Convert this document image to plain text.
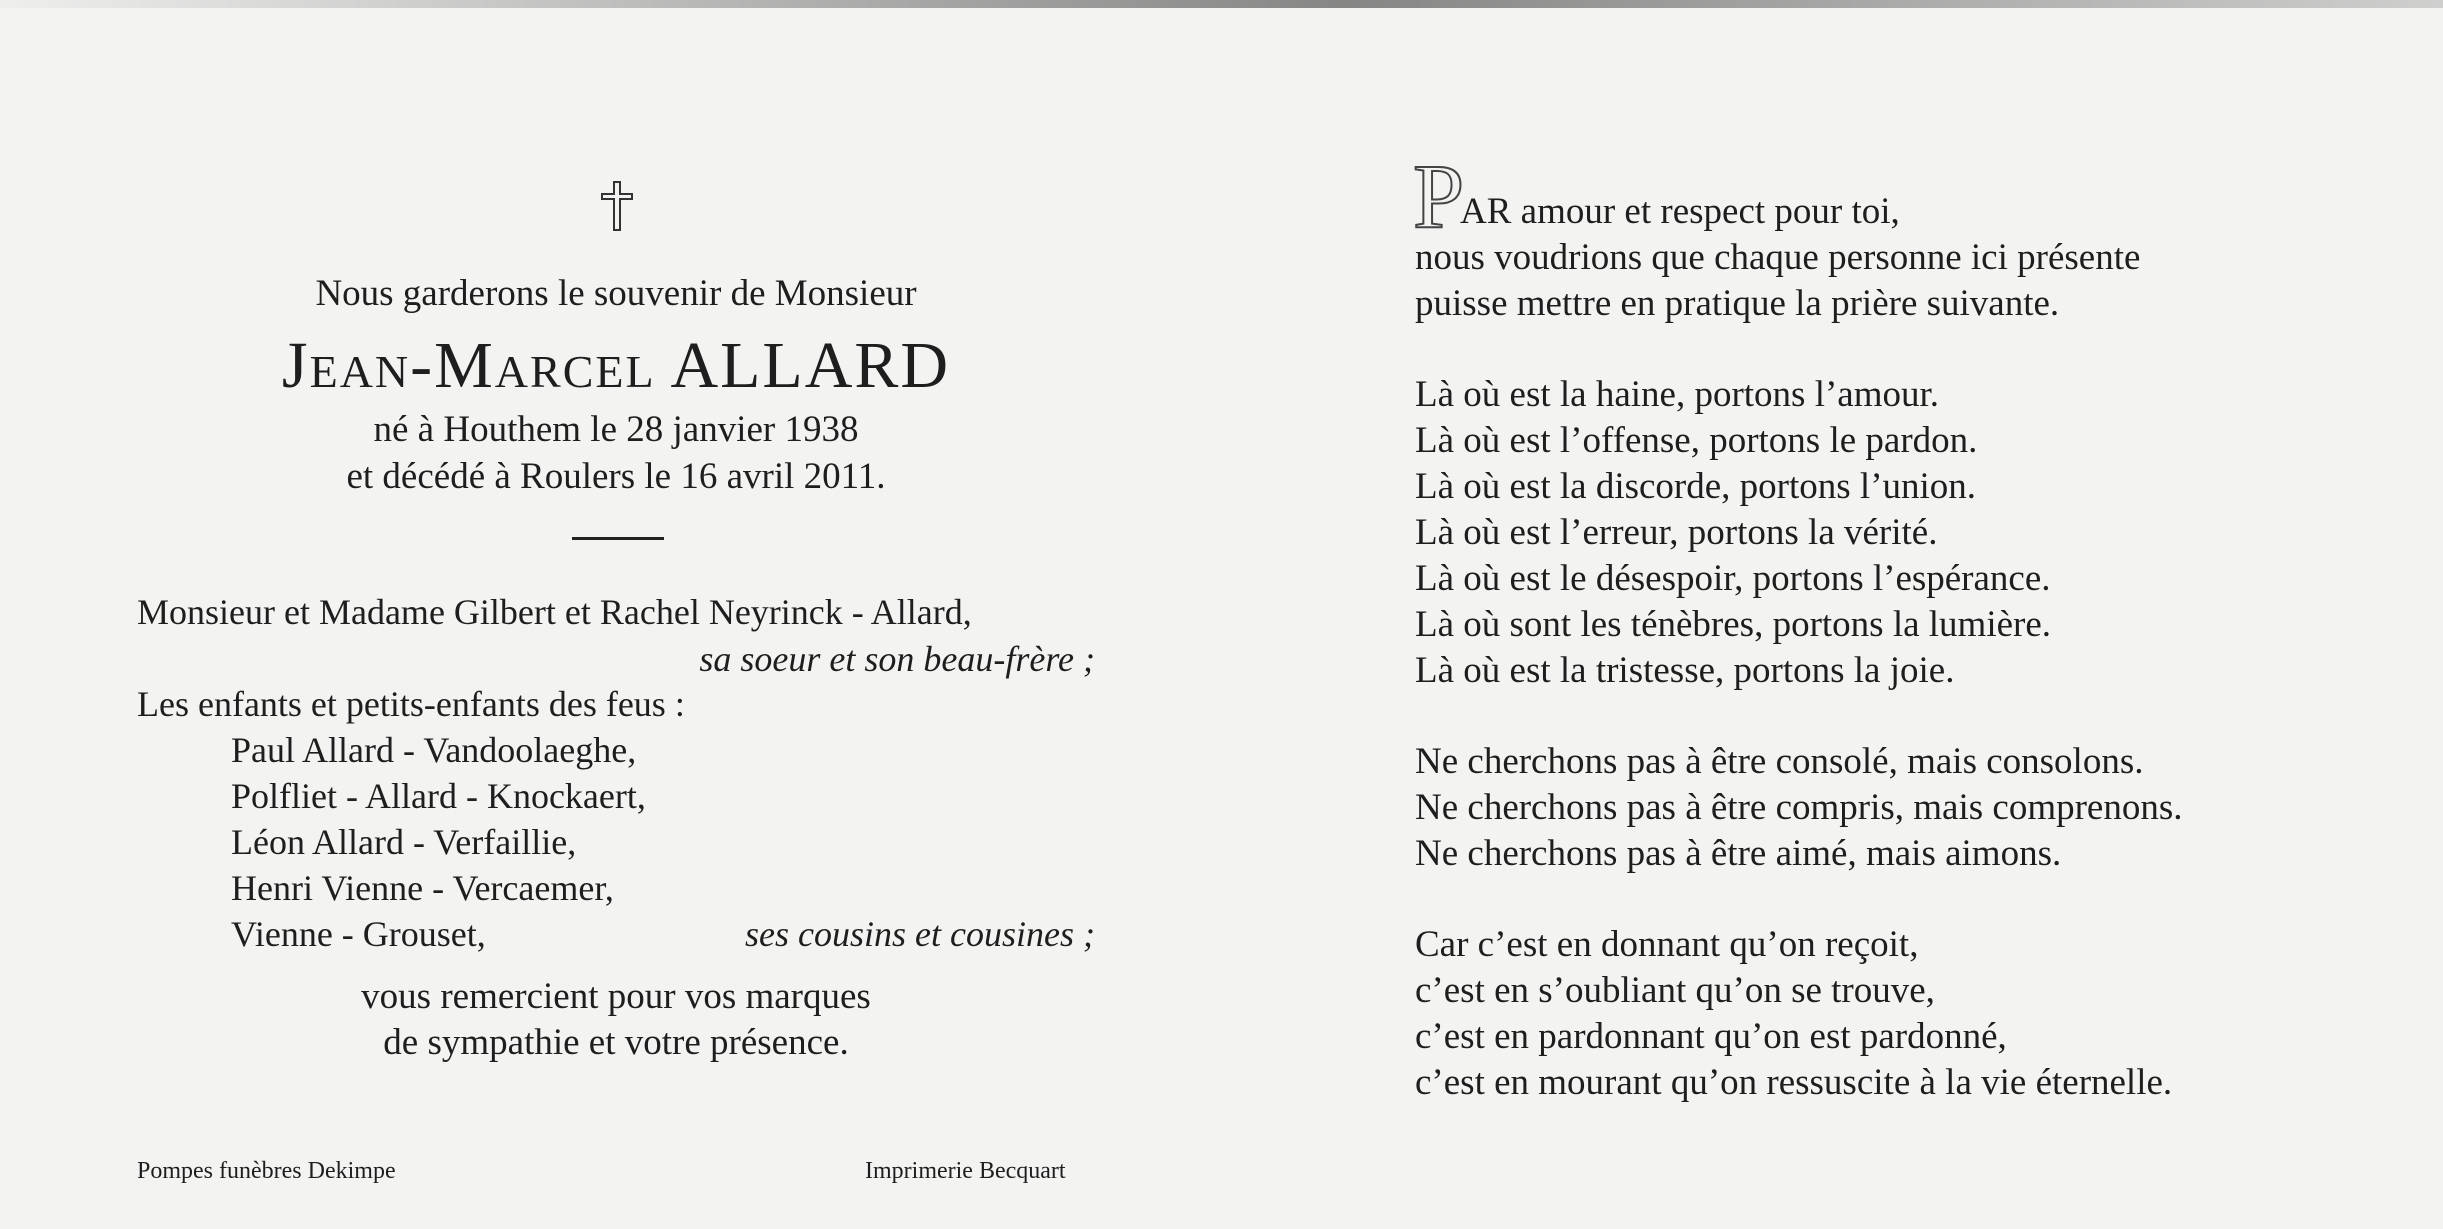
Nous garderons le souvenir de Monsieur
Jean-Marcel ALLARD
né à Houthem le 28 janvier 1938
et décédé à Roulers le 16 avril 2011.
Monsieur et Madame Gilbert et Rachel Neyrinck - Allard,
sa soeur et son beau-frère ;
Les enfants et petits-enfants des feus :
Paul Allard - Vandoolaeghe,
Polfliet - Allard - Knockaert,
Léon Allard - Verfaillie,
Henri Vienne - Vercaemer,
Vienne - Grouset,	ses cousins et cousines ;
vous remercient pour vos marques
de sympathie et votre présence.
Pompes funèbres Dekimpe	Imprimerie Becquart
P
AR amour et respect pour toi,
nous voudrions que chaque personne ici présente
puisse mettre en pratique la prière suivante.
Là où est la haine, portons l’amour.
Là où est l’offense, portons le pardon.
Là où est la discorde, portons l’union.
Là où est l’erreur, portons la vérité.
Là où est le désespoir, portons l’espérance.
Là où sont les ténèbres, portons la lumière.
Là où est la tristesse, portons la joie.
Ne cherchons pas à être consolé, mais consolons.
Ne cherchons pas à être compris, mais comprenons.
Ne cherchons pas à être aimé, mais aimons.
Car c’est en donnant qu’on reçoit,
c’est en s’oubliant qu’on se trouve,
c’est en pardonnant qu’on est pardonné,
c’est en mourant qu’on ressuscite à la vie éternelle.
